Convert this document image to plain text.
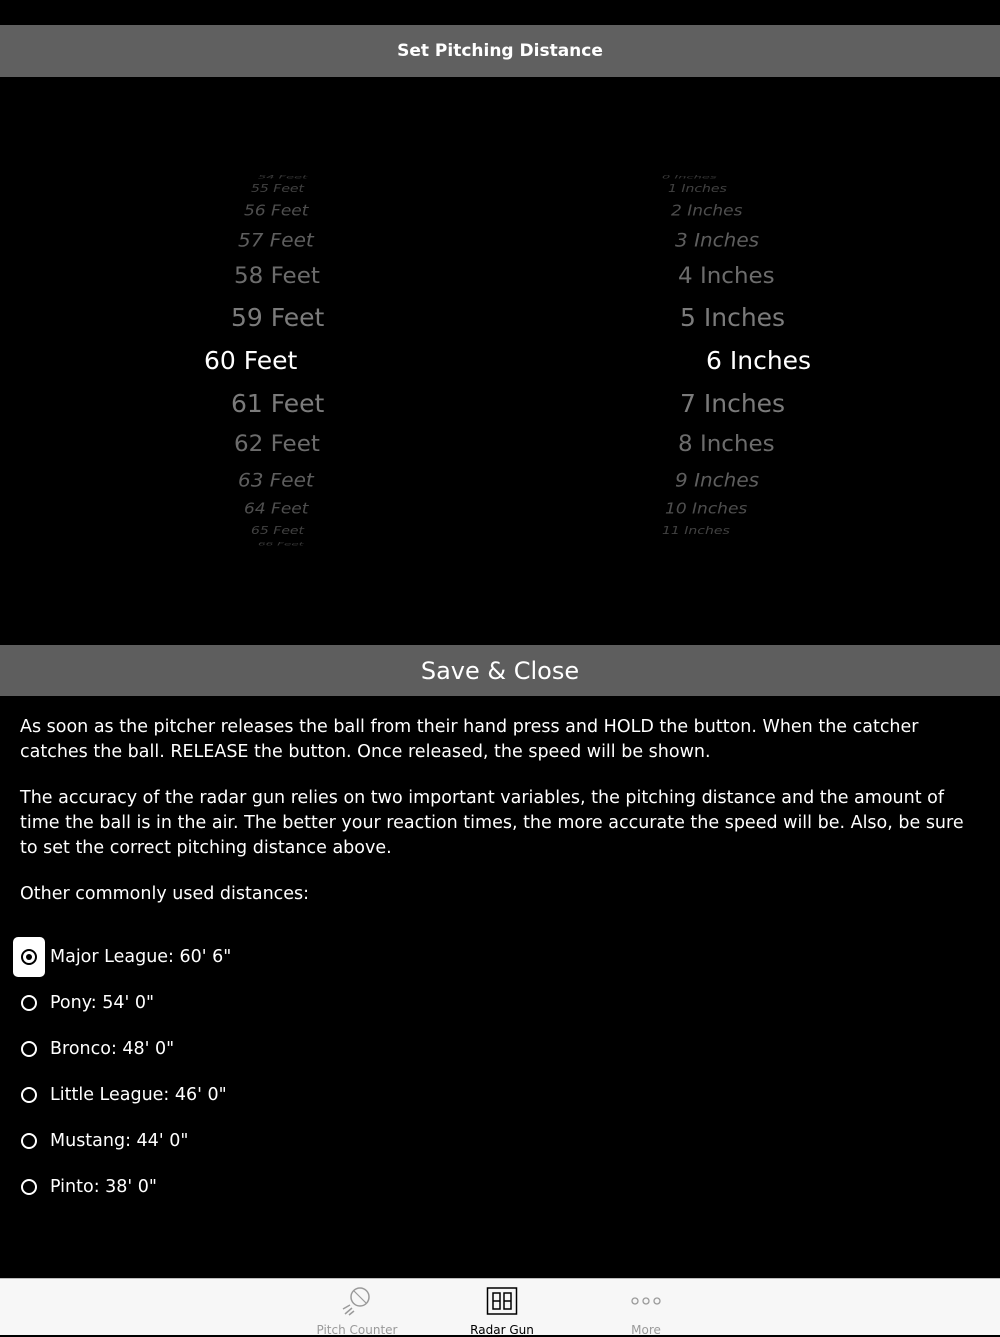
Set Pitching Distance
54 Feet
55 Feet
56 Feet
57 Feet
58 Feet
59 Feet
60 Feet
61 Feet
62 Feet
63 Feet
64 Feet
65 Feet
66 Feet
0 Inches
1 Inches
2 Inches
3 Inches
4 Inches
5 Inches
6 Inches
7 Inches
8 Inches
9 Inches
10 Inches
11 Inches
Save & Close

As soon as the pitcher releases the ball from their hand press and HOLD the button. When the catcher catches the ball. RELEASE the button. Once released, the speed will be shown.

The accuracy of the radar gun relies on two important variables, the pitching distance and the amount of time the ball is in the air. The better your reaction times, the more accurate the speed will be. Also, be sure to set the correct pitching distance above.

Other commonly used distances:

Major League: 60' 6"
Pony: 54' 0"
Bronco: 48' 0"
Little League: 46' 0"
Mustang: 44' 0"
Pinto: 38' 0"
Pitch Counter	Radar Gun	More
